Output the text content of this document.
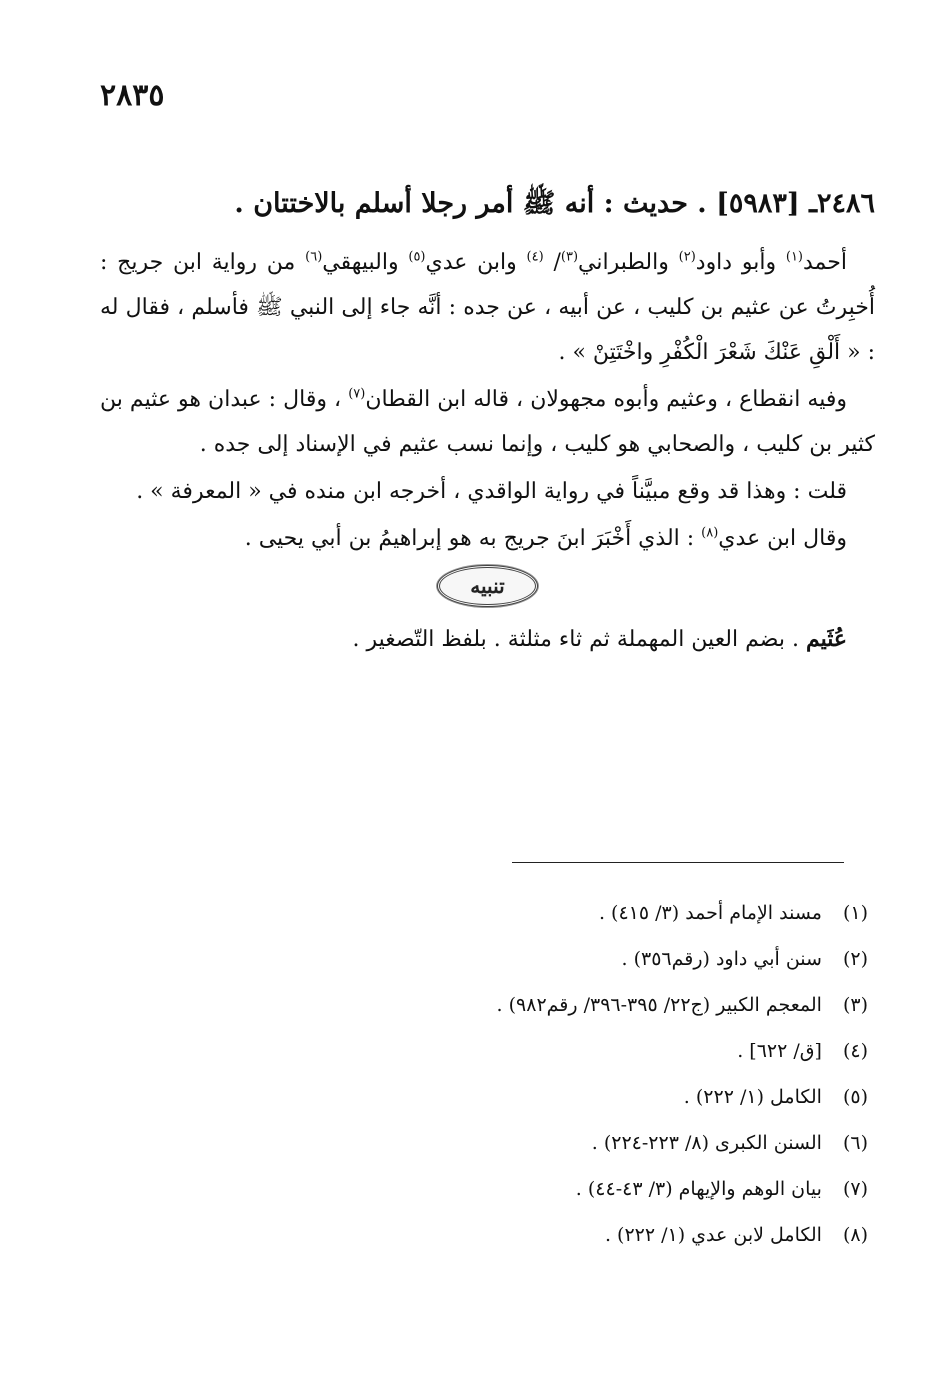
٢٨٣٥
٢٤٨٦ـ [٥٩٨٣] . حديث : أنه ﷺ أمر رجلا أسلم بالاختتان .

أحمد$^{(١)}$ وأبو داود$^{(٢)}$ والطبراني$^{(٣)}$/ $^{(٤)}$ وابن عدي$^{(٥)}$ والبيهقي$^{(٦)}$ من رواية ابن جريج : أُخبِرتُ عن عثيم بن كليب ، عن أبيه ، عن جده : أنَّه جاء إلى النبي ﷺ فأسلم ، فقال له : « أَلْقِ عَنْكَ شَعْرَ الْكُفْرِ واخْتَتِنْ » .

وفيه انقطاع ، وعثيم وأبوه مجهولان ، قاله ابن القطان$^{(٧)}$ ، وقال : عبدان هو عثيم بن كثير بن كليب ، والصحابي هو كليب ، وإنما نسب عثيم في الإسناد إلى جده .

قلت : وهذا قد وقع مبيَّناً في رواية الواقدي ، أخرجه ابن منده في « المعرفة » .

وقال ابن عدي$^{(٨)}$ : الذي أَخْبَرَ ابنَ جريج به هو إبراهيمُ بن أبي يحيى .

تنبيه

عُثَيم . بضم العين المهملة ثم ثاء مثلثة . بلفظ التّصغير .

(١) مسند الإمام أحمد (٣/ ٤١٥) .
(٢) سنن أبي داود (رقم٣٥٦) .
(٣) المعجم الكبير (ج٢٢/ ٣٩٥-٣٩٦/ رقم٩٨٢) .
(٤) [ق/ ٦٢٢] .
(٥) الكامل (١/ ٢٢٢) .
(٦) السنن الكبرى (٨/ ٢٢٣-٢٢٤) .
(٧) بيان الوهم والإيهام (٣/ ٤٣-٤٤) .
(٨) الكامل لابن عدي (١/ ٢٢٢) .
